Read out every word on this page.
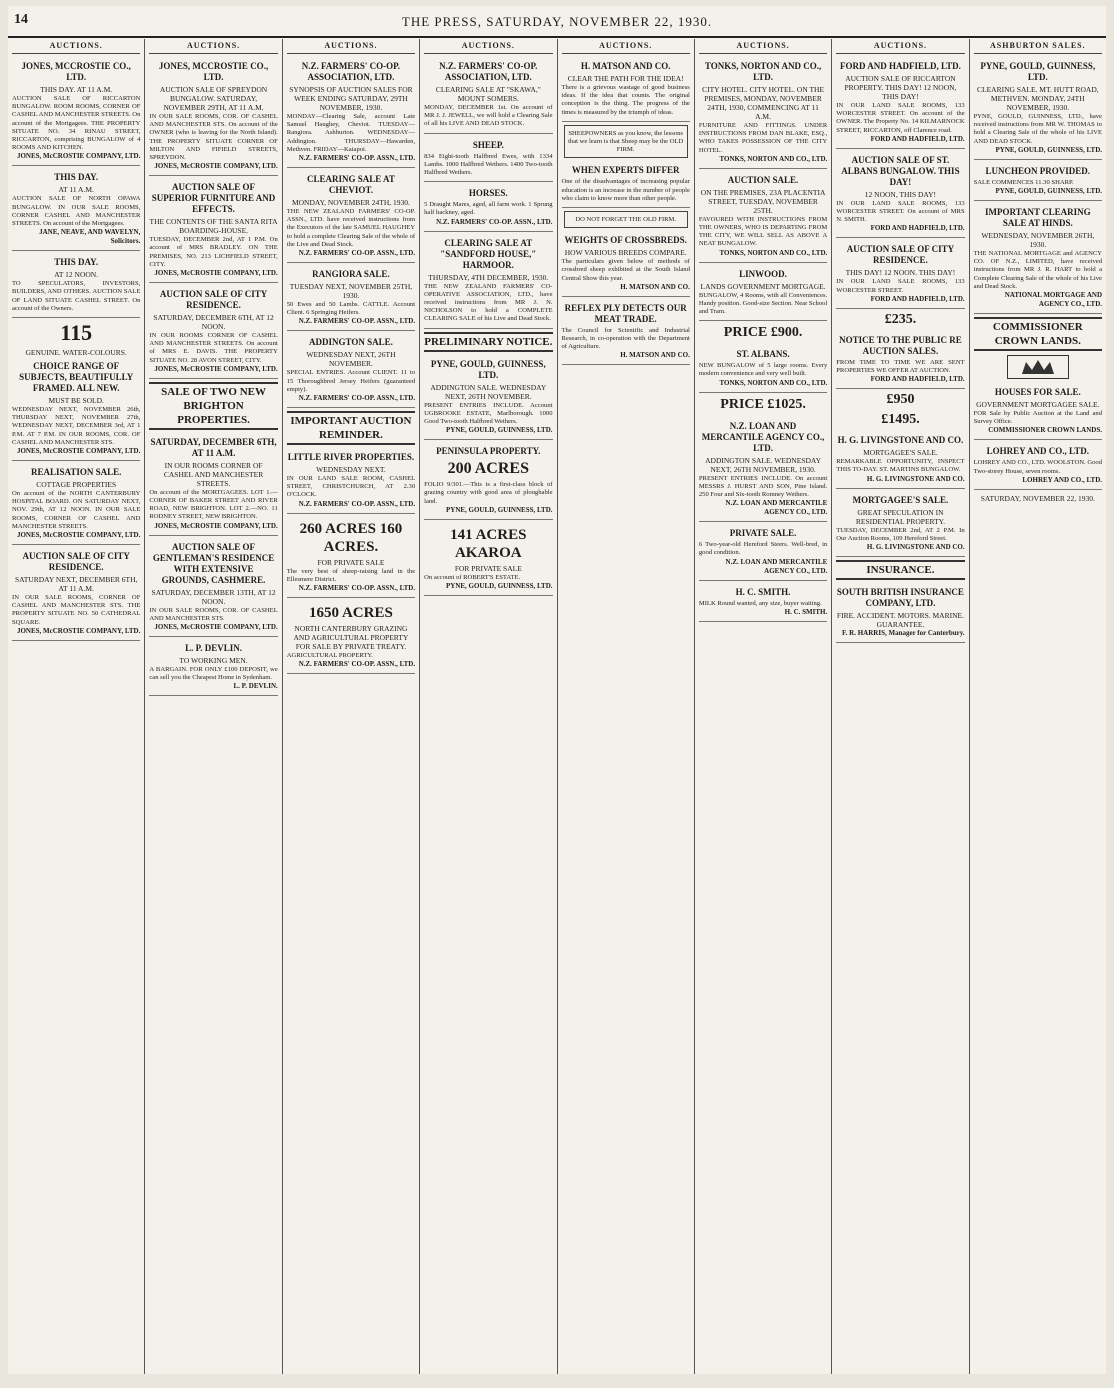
14	THE PRESS, SATURDAY, NOVEMBER 22, 1930.
AUCTIONS.
JONES, MCCROSTIE CO., LTD.
THIS DAY. AT 11 A.M.
AUCTION SALE OF RICCARTON BUNGALOW. ROOM ROOMS, CORNER OF CASHEL AND MANCHESTER STREETS. On account of the Mortgagees. THE PROPERTY SITUATE NO. 34 RINAU STREET, RICCARTON, comprising BUNGALOW of 4 ROOMS AND KITCHEN.
JONES, McCROSTIE COMPANY, LTD.
THIS DAY.
AT 11 A.M.
AUCTION SALE OF NORTH OPAWA BUNGALOW. IN OUR SALE ROOMS, CORNER CASHEL AND MANCHESTER STREETS. On account of the Mortgagees.
JANE, NEAVE, AND WAVELYN, Solicitors.
THIS DAY.
AT 12 NOON.
TO SPECULATORS, INVESTORS, BUILDERS, AND OTHERS. AUCTION SALE OF LAND SITUATE CASHEL STREET. On account of the Owners.
115
GENUINE. WATER-COLOURS.
CHOICE RANGE OF SUBJECTS, BEAUTIFULLY FRAMED. ALL NEW.
MUST BE SOLD.
WEDNESDAY NEXT, NOVEMBER 26th, THURSDAY NEXT, NOVEMBER 27th, WEDNESDAY NEXT, DECEMBER 3rd, AT 1 P.M. AT 7 P.M. IN OUR ROOMS, COR. OF CASHEL AND MANCHESTER STS.
JONES, McCROSTIE COMPANY, LTD.
REALISATION SALE.
COTTAGE PROPERTIES
On account of the NORTH CANTERBURY HOSPITAL BOARD. ON SATURDAY NEXT, NOV. 29th, AT 12 NOON. IN OUR SALE ROOMS, CORNER OF CASHEL AND MANCHESTER STREETS.
JONES, McCROSTIE COMPANY, LTD.
AUCTION SALE OF CITY RESIDENCE.
SATURDAY NEXT, DECEMBER 6TH, AT 11 A.M.
IN OUR SALE ROOMS, CORNER OF CASHEL AND MANCHESTER STS. THE PROPERTY SITUATE NO. 50 CATHEDRAL SQUARE.
JONES, McCROSTIE COMPANY, LTD.
AUCTIONS.
JONES, MCCROSTIE CO., LTD.
AUCTION SALE OF SPREYDON BUNGALOW. SATURDAY, NOVEMBER 29TH, AT 11 A.M.
IN OUR SALE ROOMS, COR. OF CASHEL AND MANCHESTER STS. On account of the OWNER (who is leaving for the North Island). THE PROPERTY SITUATE CORNER OF MILTON AND FIFIELD STREETS, SPREYDON.
JONES, McCROSTIE COMPANY, LTD.
AUCTION SALE OF SUPERIOR FURNITURE AND EFFECTS.
THE CONTENTS OF THE SANTA RITA BOARDING-HOUSE.
TUESDAY, DECEMBER 2nd, AT 1 P.M. On account of MRS BRADLEY. ON THE PREMISES, NO. 213 LICHFIELD STREET, CITY.
JONES, McCROSTIE COMPANY, LTD.
AUCTION SALE OF CITY RESIDENCE.
SATURDAY, DECEMBER 6TH, AT 12 NOON.
IN OUR ROOMS CORNER OF CASHEL AND MANCHESTER STREETS. On account of MRS E. DAVIS. THE PROPERTY SITUATE NO. 28 AVON STREET, CITY.
JONES, McCROSTIE COMPANY, LTD.
SALE OF TWO NEW BRIGHTON PROPERTIES.
SATURDAY, DECEMBER 6TH, AT 11 A.M.
IN OUR ROOMS CORNER OF CASHEL AND MANCHESTER STREETS.
On account of the MORTGAGEES. LOT 1.—CORNER OF BAKER STREET AND RIVER ROAD, NEW BRIGHTON. LOT 2.—NO. 11 RODNEY STREET, NEW BRIGHTON.
JONES, McCROSTIE COMPANY, LTD.
AUCTION SALE OF GENTLEMAN'S RESIDENCE WITH EXTENSIVE GROUNDS, CASHMERE.
SATURDAY, DECEMBER 13TH, AT 12 NOON.
IN OUR SALE ROOMS, COR. OF CASHEL AND MANCHESTER STS.
JONES, McCROSTIE COMPANY, LTD.
L. P. DEVLIN.
TO WORKING MEN.
A BARGAIN. FOR ONLY £100 DEPOSIT, we can sell you the Cheapest Home in Sydenham.
L. P. DEVLIN.
AUCTIONS.
N.Z. FARMERS' CO-OP. ASSOCIATION, LTD.
SYNOPSIS OF AUCTION SALES FOR WEEK ENDING SATURDAY, 29TH NOVEMBER, 1930.
MONDAY—Clearing Sale, account Late Samuel Haughey, Cheviot. TUESDAY—Rangiora. Ashburton. WEDNESDAY—Addington. THURSDAY—Hawarden, Methven. FRIDAY—Kaiapoi.
N.Z. FARMERS' CO-OP. ASSN., LTD.
CLEARING SALE AT CHEVIOT.
MONDAY, NOVEMBER 24TH, 1930.
THE NEW ZEALAND FARMERS' CO-OP. ASSN., LTD. have received instructions from the Executors of the late SAMUEL HAUGHEY to hold a complete Clearing Sale of the whole of the Live and Dead Stock.
N.Z. FARMERS' CO-OP. ASSN., LTD.
RANGIORA SALE.
TUESDAY NEXT, NOVEMBER 25TH, 1930.
50 Ewes and 50 Lambs. CATTLE. Account Client. 6 Springing Heifers.
N.Z. FARMERS' CO-OP. ASSN., LTD.
ADDINGTON SALE.
WEDNESDAY NEXT, 26TH NOVEMBER.
SPECIAL ENTRIES. Account CLIENT. 11 to 15 Thoroughbred Jersey Heifers (guaranteed empty).
N.Z. FARMERS' CO-OP. ASSN., LTD.
IMPORTANT AUCTION REMINDER.
LITTLE RIVER PROPERTIES.
WEDNESDAY NEXT.
IN OUR LAND SALE ROOM, CASHEL STREET, CHRISTCHURCH, AT 2.30 O'CLOCK.
N.Z. FARMERS' CO-OP. ASSN., LTD.
260 ACRES 160 ACRES.
FOR PRIVATE SALE
The very best of sheep-raising land in the Ellesmere District.
N.Z. FARMERS' CO-OP. ASSN., LTD.
1650 ACRES
NORTH CANTERBURY GRAZING AND AGRICULTURAL PROPERTY FOR SALE BY PRIVATE TREATY.
AGRICULTURAL PROPERTY.
N.Z. FARMERS' CO-OP. ASSN., LTD.
AUCTIONS.
N.Z. FARMERS' CO-OP. ASSOCIATION, LTD.
CLEARING SALE AT "SKAWA," MOUNT SOMERS.
MONDAY, DECEMBER 1st. On account of MR J. J. JEWELL, we will hold a Clearing Sale of all his LIVE AND DEAD STOCK.
SHEEP.
834 Eight-tooth Halfbred Ewes, with 1334 Lambs. 1000 Halfbred Wethers. 1400 Two-tooth Halfbred Wethers.
HORSES.
5 Draught Mares, aged, all farm work. 1 Sprung half hackney, aged.
N.Z. FARMERS' CO-OP. ASSN., LTD.
CLEARING SALE AT "SANDFORD HOUSE," HARMOOR.
THURSDAY, 4TH DECEMBER, 1930.
THE NEW ZEALAND FARMERS' CO-OPERATIVE ASSOCIATION, LTD., have received instructions from MR J. N. NICHOLSON to hold a COMPLETE CLEARING SALE of his Live and Dead Stock.
PRELIMINARY NOTICE.
PYNE, GOULD, GUINNESS, LTD.
ADDINGTON SALE. WEDNESDAY NEXT, 26TH NOVEMBER.
PRESENT ENTRIES INCLUDE. Account UGBROOKE ESTATE, Marlborough. 1000 Good Two-tooth Halfbred Wethers.
PYNE, GOULD, GUINNESS, LTD.
PENINSULA PROPERTY.
200 ACRES
FOLIO 9/301.—This is a first-class block of grazing country with good area of ploughable land.
PYNE, GOULD, GUINNESS, LTD.
141 ACRES AKAROA
FOR PRIVATE SALE
On account of ROBERT'S ESTATE.
PYNE, GOULD, GUINNESS, LTD.
AUCTIONS.
H. MATSON AND CO.
CLEAR THE PATH FOR THE IDEA!
There is a grievous wastage of good business ideas. If the idea that counts. The original conception is the thing. The progress of the times is measured by the triumph of ideas.
SHEEPOWNERS as you know, the lessons that we learn is that Sheep may be the OLD FIRM.
WHEN EXPERTS DIFFER
One of the disadvantages of increasing popular education is an increase in the number of people who claim to know more than other people.
DO NOT FORGET THE OLD FIRM.
WEIGHTS OF CROSSBREDS.
HOW VARIOUS BREEDS COMPARE.
The particulars given below of methods of crossbred sheep exhibited at the South Island Central Show this year.
H. MATSON AND CO.
REFLEX PLY DETECTS OUR MEAT TRADE.
The Council for Scientific and Industrial Research, in co-operation with the Department of Agriculture.
H. MATSON AND CO.
AUCTIONS.
TONKS, NORTON AND CO., LTD.
CITY HOTEL. CITY HOTEL. ON THE PREMISES, MONDAY, NOVEMBER 24TH, 1930, COMMENCING AT 11 A.M.
FURNITURE AND FITTINGS. UNDER INSTRUCTIONS FROM DAN BLAKE, ESQ., WHO TAKES POSSESSION OF THE CITY HOTEL.
TONKS, NORTON AND CO., LTD.
AUCTION SALE.
ON THE PREMISES, 23A PLACENTIA STREET, TUESDAY, NOVEMBER 25TH.
FAVOURED WITH INSTRUCTIONS FROM THE OWNERS, WHO IS DEPARTING FROM THE CITY, WE WILL SELL AS ABOVE A NEAT BUNGALOW.
TONKS, NORTON AND CO., LTD.
LINWOOD.
LANDS GOVERNMENT MORTGAGE.
BUNGALOW, 4 Rooms, with all Conveniences. Handy position. Good-size Section. Near School and Tram.
PRICE £900.
ST. ALBANS.
NEW BUNGALOW of 5 large rooms. Every modern convenience and very well built.
TONKS, NORTON AND CO., LTD.
PRICE £1025.
N.Z. LOAN AND MERCANTILE AGENCY CO., LTD.
ADDINGTON SALE. WEDNESDAY NEXT, 26TH NOVEMBER, 1930.
PRESENT ENTRIES INCLUDE. On account MESSRS J. HURST AND SON, Pine Island. 250 Four and Six-tooth Romney Wethers.
N.Z. LOAN AND MERCANTILE AGENCY CO., LTD.
PRIVATE SALE.
6 Two-year-old Hereford Steers. Well-bred, in good condition.
N.Z. LOAN AND MERCANTILE AGENCY CO., LTD.
H. C. SMITH.
MILK Round wanted, any size, buyer waiting.
H. C. SMITH.
AUCTIONS.
FORD AND HADFIELD, LTD.
AUCTION SALE OF RICCARTON PROPERTY. THIS DAY! 12 NOON, THIS DAY!
IN OUR LAND SALE ROOMS, 133 WORCESTER STREET. On account of the OWNER. The Property No. 14 KILMARNOCK STREET, RICCARTON, off Clarence road.
FORD AND HADFIELD, LTD.
AUCTION SALE OF ST. ALBANS BUNGALOW. THIS DAY!
12 NOON, THIS DAY!
IN OUR LAND SALE ROOMS, 133 WORCESTER STREET. On account of MRS N. SMITH.
FORD AND HADFIELD, LTD.
AUCTION SALE OF CITY RESIDENCE.
THIS DAY! 12 NOON. THIS DAY!
IN OUR LAND SALE ROOMS, 133 WORCESTER STREET.
FORD AND HADFIELD, LTD.
£235.
NOTICE TO THE PUBLIC RE AUCTION SALES.
FROM TIME TO TIME WE ARE SENT PROPERTIES WE OFFER AT AUCTION.
FORD AND HADFIELD, LTD.
£950
£1495.
H. G. LIVINGSTONE AND CO.
MORTGAGEE'S SALE.
REMARKABLE OPPORTUNITY, INSPECT THIS TO-DAY. ST. MARTINS BUNGALOW.
H. G. LIVINGSTONE AND CO.
MORTGAGEE'S SALE.
GREAT SPECULATION IN RESIDENTIAL PROPERTY.
TUESDAY, DECEMBER 2nd, AT 2 P.M. In Our Auction Rooms, 109 Hereford Street.
H. G. LIVINGSTONE AND CO.
INSURANCE.
SOUTH BRITISH INSURANCE COMPANY, LTD.
FIRE. ACCIDENT. MOTORS. MARINE. GUARANTEE.
F. R. HARRIS, Manager for Canterbury.
ASHBURTON SALES.
PYNE, GOULD, GUINNESS, LTD.
CLEARING SALE. MT. HUTT ROAD, METHVEN. MONDAY, 24TH NOVEMBER, 1930.
PYNE, GOULD, GUINNESS, LTD., have received instructions from MR W. THOMAS to hold a Clearing Sale of the whole of his LIVE AND DEAD STOCK.
PYNE, GOULD, GUINNESS, LTD.
LUNCHEON PROVIDED.
SALE COMMENCES 11.30 SHARP.
PYNE, GOULD, GUINNESS, LTD.
IMPORTANT CLEARING SALE AT HINDS.
WEDNESDAY, NOVEMBER 26TH, 1930.
THE NATIONAL MORTGAGE and AGENCY CO. OF N.Z., LIMITED, have received instructions from MR J. R. HART to hold a Complete Clearing Sale of the whole of his Live and Dead Stock.
NATIONAL MORTGAGE AND AGENCY CO., LTD.
COMMISSIONER CROWN LANDS.
HOUSES FOR SALE.
GOVERNMENT MORTGAGEE SALE.
FOR Sale by Public Auction at the Land and Survey Office.
COMMISSIONER CROWN LANDS.
LOHREY AND CO., LTD.
LOHREY AND CO., LTD. WOOLSTON. Good Two-storey House, seven rooms.
LOHREY AND CO., LTD.
SATURDAY, NOVEMBER 22, 1930.
